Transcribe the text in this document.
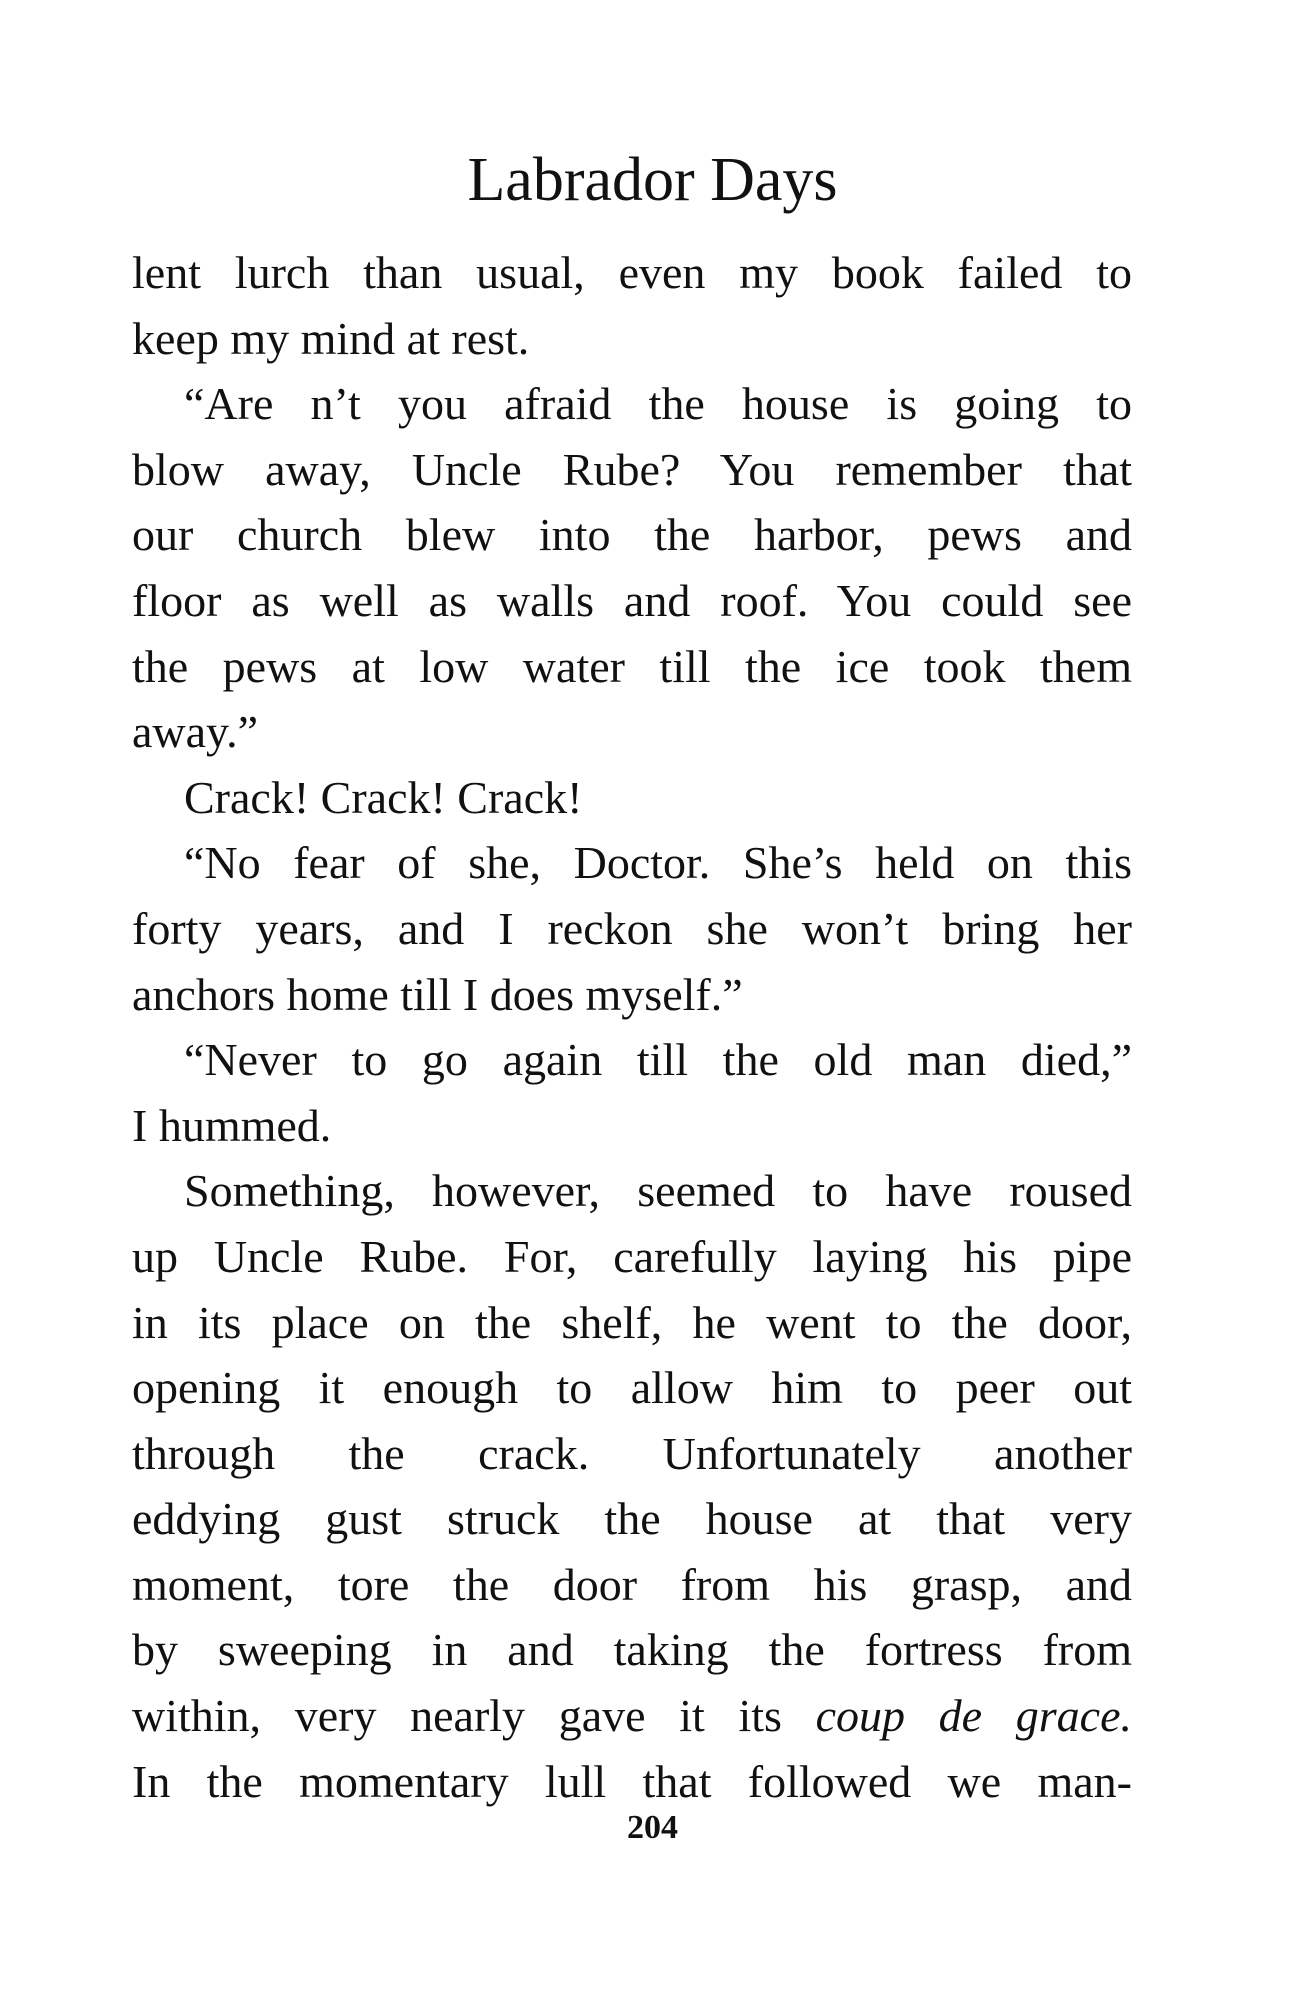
Labrador Days
lent lurch than usual, even my book failed to
keep my mind at rest.
“Are n’t you afraid the house is going to
blow away, Uncle Rube? You remember that
our church blew into the harbor, pews and
floor as well as walls and roof. You could see
the pews at low water till the ice took them
away.”
Crack! Crack! Crack!
“No fear of she, Doctor. She’s held on this
forty years, and I reckon she won’t bring her
anchors home till I does myself.”
“Never to go again till the old man died,”
I hummed.
Something, however, seemed to have roused
up Uncle Rube. For, carefully laying his pipe
in its place on the shelf, he went to the door,
opening it enough to allow him to peer out
through the crack. Unfortunately another
eddying gust struck the house at that very
moment, tore the door from his grasp, and
by sweeping in and taking the fortress from
within, very nearly gave it its coup de grace.
In the momentary lull that followed we man-
204
